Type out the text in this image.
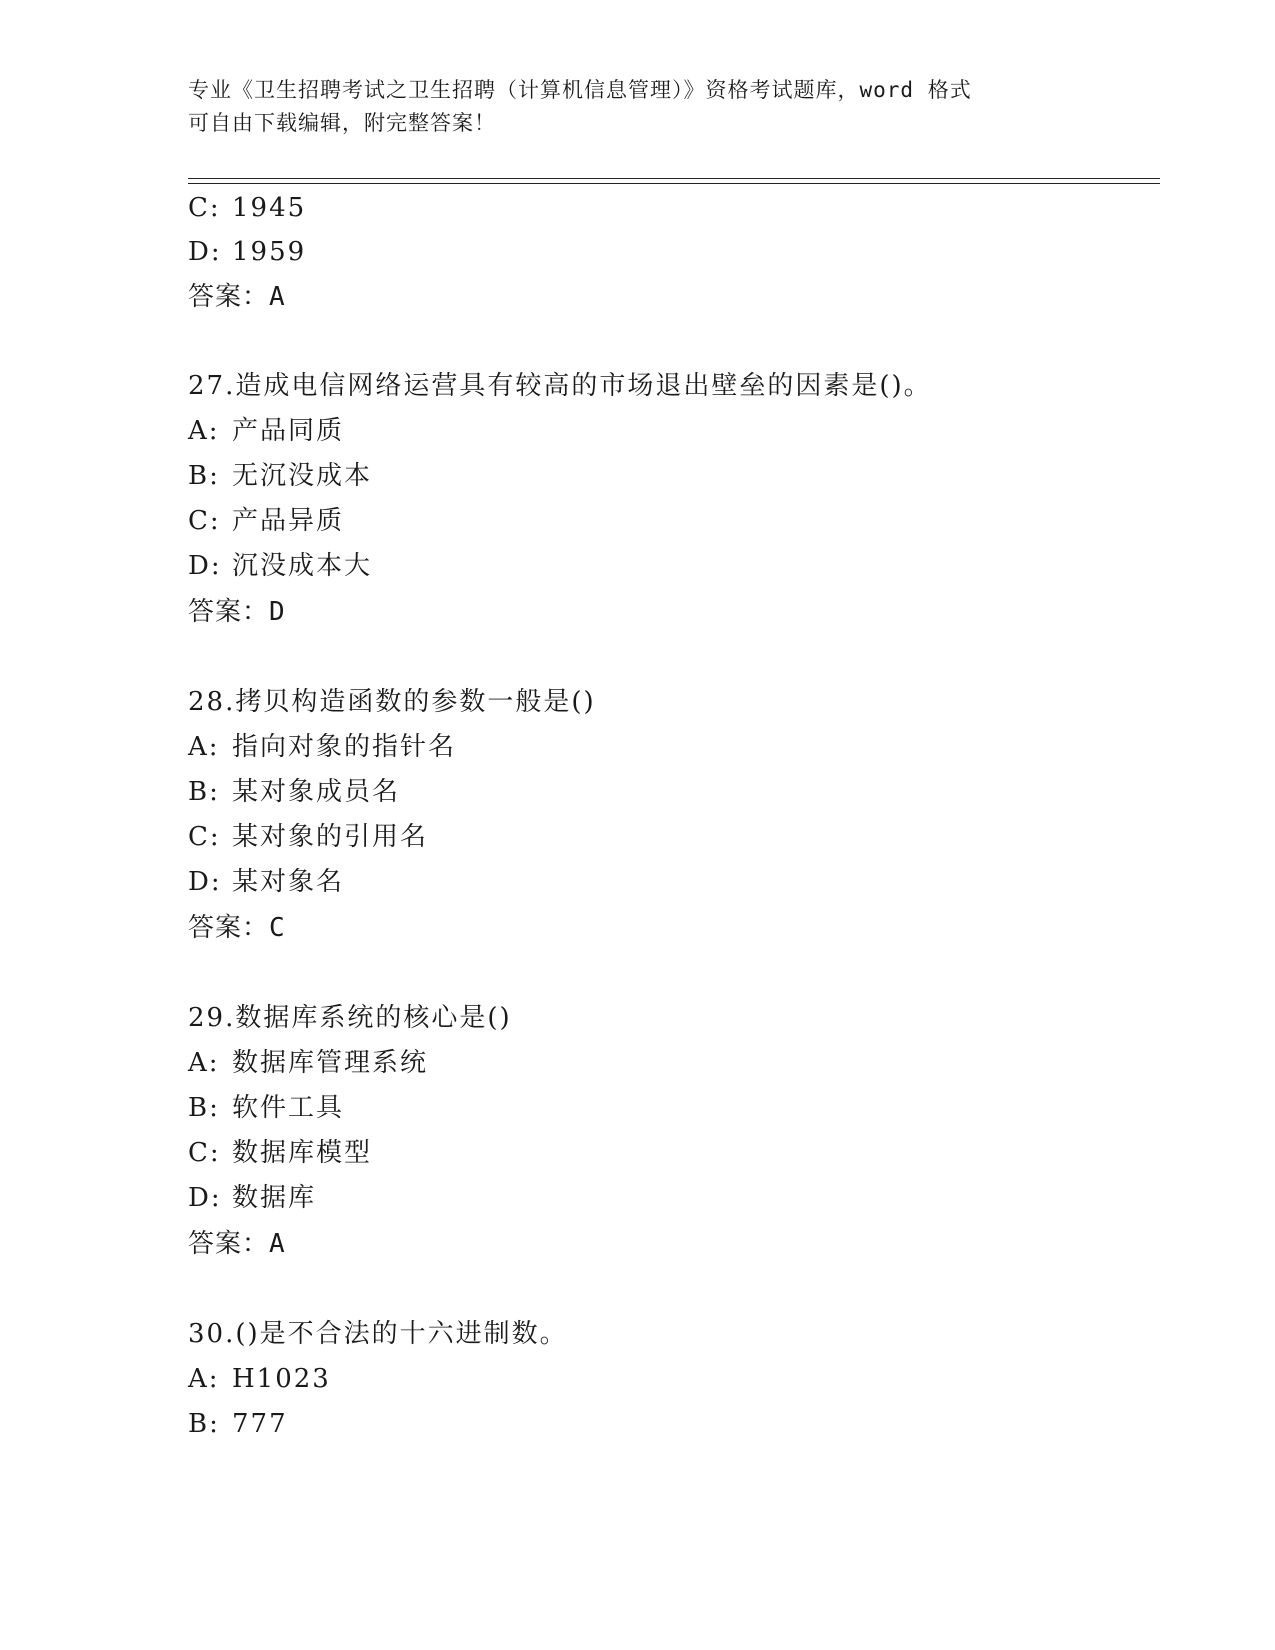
专业《卫生招聘考试之卫生招聘（计算机信息管理）》资格考试题库，word 格式
可自由下载编辑，附完整答案！
C: 1945
D: 1959
答案：A
27.造成电信网络运营具有较高的市场退出壁垒的因素是()。
A: 产品同质
B: 无沉没成本
C: 产品异质
D: 沉没成本大
答案：D
28.拷贝构造函数的参数一般是()
A: 指向对象的指针名
B: 某对象成员名
C: 某对象的引用名
D: 某对象名
答案：C
29.数据库系统的核心是()
A: 数据库管理系统
B: 软件工具
C: 数据库模型
D: 数据库
答案：A
30.()是不合法的十六进制数。
A: H1023
B: 777
